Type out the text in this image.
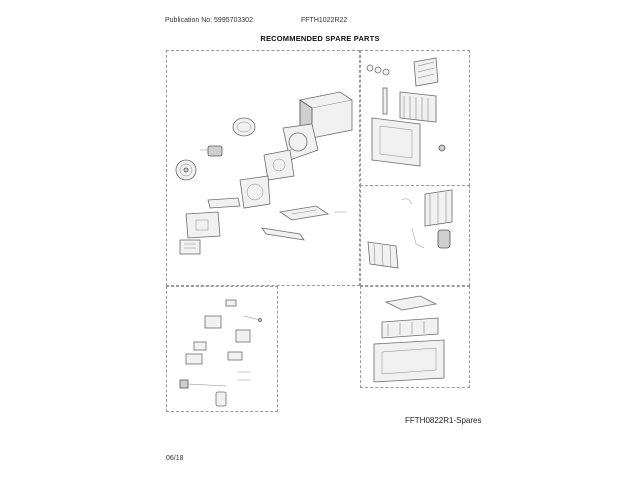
Publication No: 5995703302	FFTH1022R22
RECOMMENDED SPARE PARTS
FFTH0822R1-Spares
06/18
